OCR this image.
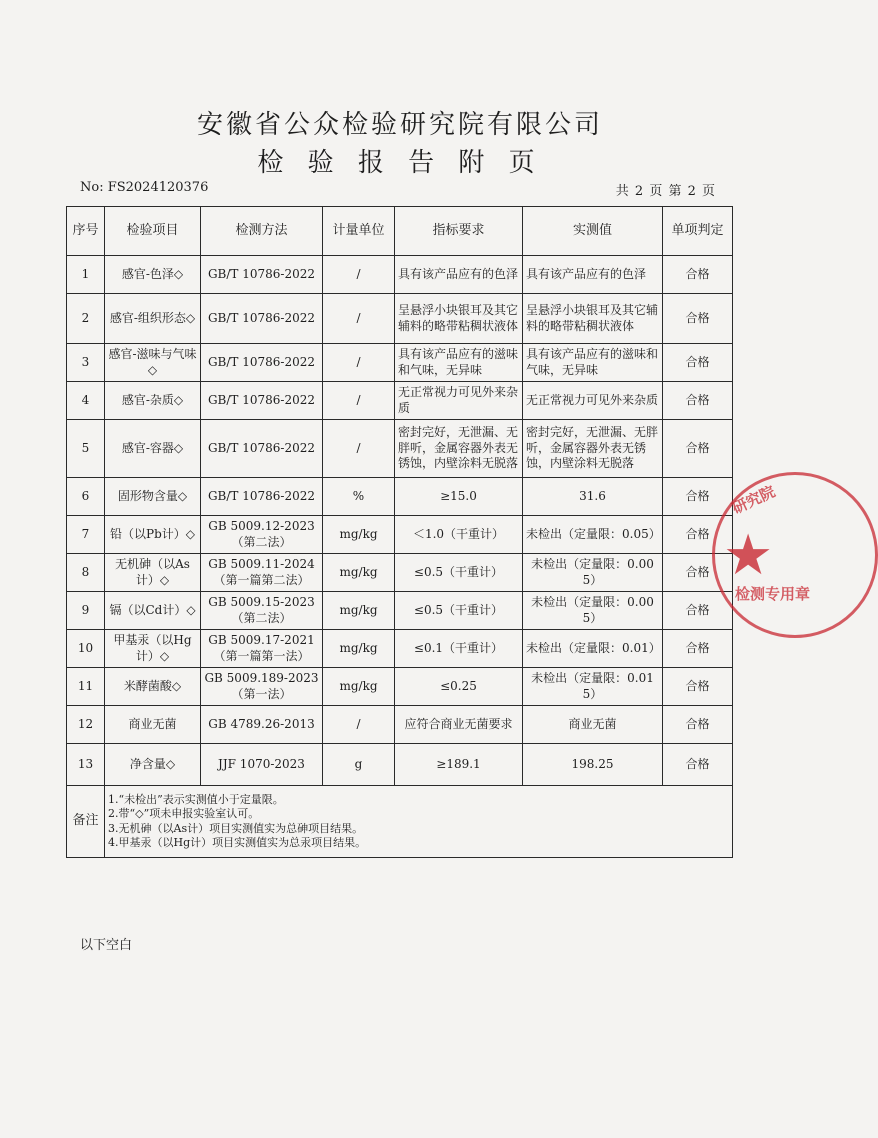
安徽省公众检验研究院有限公司
检 验 报 告 附 页
No: FS2024120376	共 2 页 第 2 页
序号	检验项目	检测方法	计量单位	指标要求	实测值	单项判定
1	感官-色泽◇	GB/T 10786-2022	/	具有该产品应有的色泽	具有该产品应有的色泽	合格
2	感官-组织形态◇	GB/T 10786-2022	/	呈悬浮小块银耳及其它辅料的略带粘稠状液体	呈悬浮小块银耳及其它辅料的略带粘稠状液体	合格
3	感官-滋味与气味◇	GB/T 10786-2022	/	具有该产品应有的滋味和气味，无异味	具有该产品应有的滋味和气味，无异味	合格
4	感官-杂质◇	GB/T 10786-2022	/	无正常视力可见外来杂质	无正常视力可见外来杂质	合格
5	感官-容器◇	GB/T 10786-2022	/	密封完好，无泄漏、无胖听，金属容器外表无锈蚀，内壁涂料无脱落	密封完好，无泄漏、无胖听，金属容器外表无锈蚀，内壁涂料无脱落	合格
6	固形物含量◇	GB/T 10786-2022	%	≥15.0	31.6	合格
7	铅（以Pb计）◇	GB 5009.12-2023（第二法）	mg/kg	＜1.0（干重计）	未检出（定量限：0.05）	合格
8	无机砷（以As计）◇	GB 5009.11-2024（第一篇第二法）	mg/kg	≤0.5（干重计）	未检出（定量限：0.005）	合格
9	镉（以Cd计）◇	GB 5009.15-2023（第二法）	mg/kg	≤0.5（干重计）	未检出（定量限：0.005）	合格
10	甲基汞（以Hg计）◇	GB 5009.17-2021（第一篇第一法）	mg/kg	≤0.1（干重计）	未检出（定量限：0.01）	合格
11	米酵菌酸◇	GB 5009.189-2023（第一法）	mg/kg	≤0.25	未检出（定量限：0.015）	合格
12	商业无菌	GB 4789.26-2013	/	应符合商业无菌要求	商业无菌	合格
13	净含量◇	JJF 1070-2023	g	≥189.1	198.25	合格
备注	1.“未检出”表示实测值小于定量限。
2.带“◇”项未申报实验室认可。
3.无机砷（以As计）项目实测值实为总砷项目结果。
4.甲基汞（以Hg计）项目实测值实为总汞项目结果。					
以下空白
研究院
★
检测专用章
